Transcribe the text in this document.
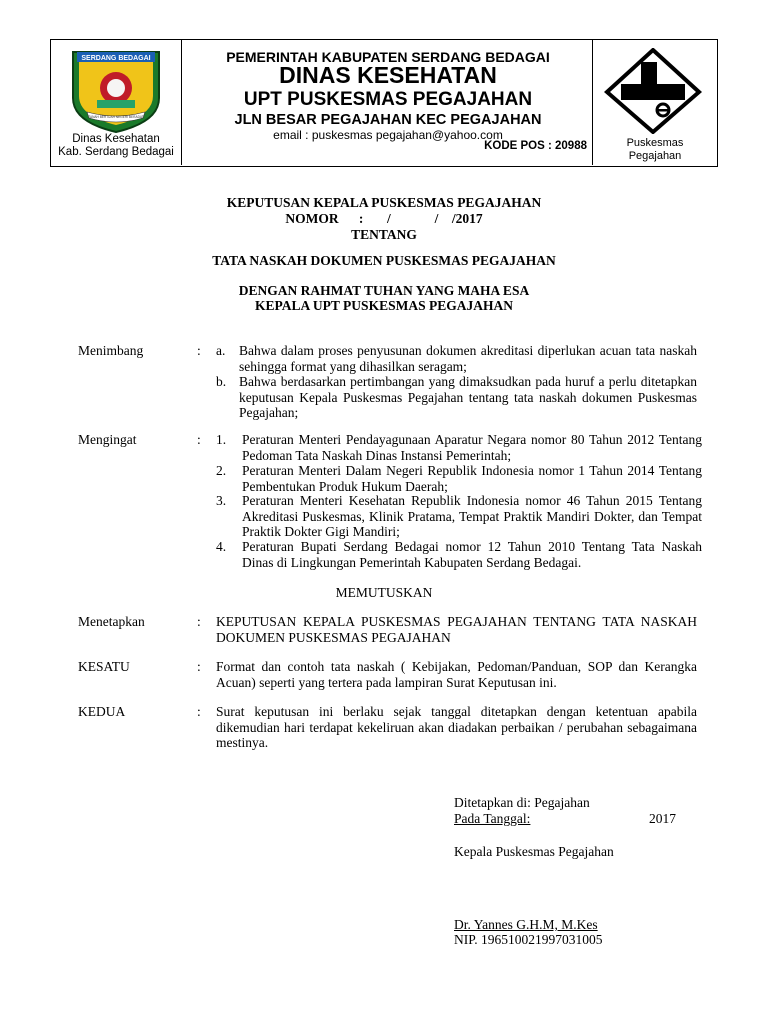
SERDANG BEDAGAI
TANAH BERTUAH NEGERI BERADAT
Dinas Kesehatan
Kab. Serdang Bedagai
PEMERINTAH KABUPATEN SERDANG BEDAGAI
DINAS KESEHATAN
UPT PUSKESMAS PEGAJAHAN
JLN BESAR PEGAJAHAN KEC PEGAJAHAN
email : puskesmas pegajahan@yahoo.com
KODE POS : 20988	Puskesmas
Pegajahan
KEPUTUSAN KEPALA PUSKESMAS PEGAJAHAN
NOMOR      :       /             /    /2017
TENTANG
TATA NASKAH DOKUMEN PUSKESMAS PEGAJAHAN
DENGAN RAHMAT TUHAN YANG MAHA ESA
KEPALA UPT PUSKESMAS PEGAJAHAN
Menimbang	: a. Bahwa dalam proses penyusunan dokumen akreditasi diperlukan acuan tata naskah sehingga format yang dihasilkan seragam;
b. Bahwa berdasarkan pertimbangan yang dimaksudkan pada huruf a perlu ditetapkan keputusan Kepala Puskesmas Pegajahan tentang tata naskah dokumen Puskesmas Pegajahan;
Mengingat	: 1. Peraturan Menteri Pendayagunaan Aparatur Negara nomor 80 Tahun 2012 Tentang Pedoman Tata Naskah Dinas Instansi Pemerintah;
2. Peraturan Menteri Dalam Negeri Republik Indonesia nomor 1 Tahun 2014 Tentang Pembentukan Produk Hukum Daerah;
3. Peraturan Menteri Kesehatan Republik Indonesia nomor 46 Tahun 2015 Tentang Akreditasi Puskesmas, Klinik Pratama, Tempat Praktik Mandiri Dokter, dan Tempat Praktik Dokter Gigi Mandiri;
4. Peraturan Bupati Serdang Bedagai nomor 12 Tahun 2010 Tentang Tata Naskah Dinas di Lingkungan Pemerintah Kabupaten Serdang Bedagai.
MEMUTUSKAN
Menetapkan	: KEPUTUSAN KEPALA PUSKESMAS PEGAJAHAN TENTANG TATA NASKAH DOKUMEN PUSKESMAS PEGAJAHAN
KESATU	: Format dan contoh tata naskah ( Kebijakan, Pedoman/Panduan, SOP dan Kerangka Acuan) seperti yang tertera pada lampiran Surat Keputusan ini.
KEDUA	: Surat keputusan ini berlaku sejak tanggal ditetapkan dengan ketentuan apabila dikemudian hari terdapat kekeliruan akan diadakan perbaikan / perubahan sebagaimana mestinya.
Ditetapkan di: Pegajahan
Pada Tanggal:	2017
Kepala Puskesmas Pegajahan
Dr. Yannes G.H.M, M.Kes
NIP. 196510021997031005
